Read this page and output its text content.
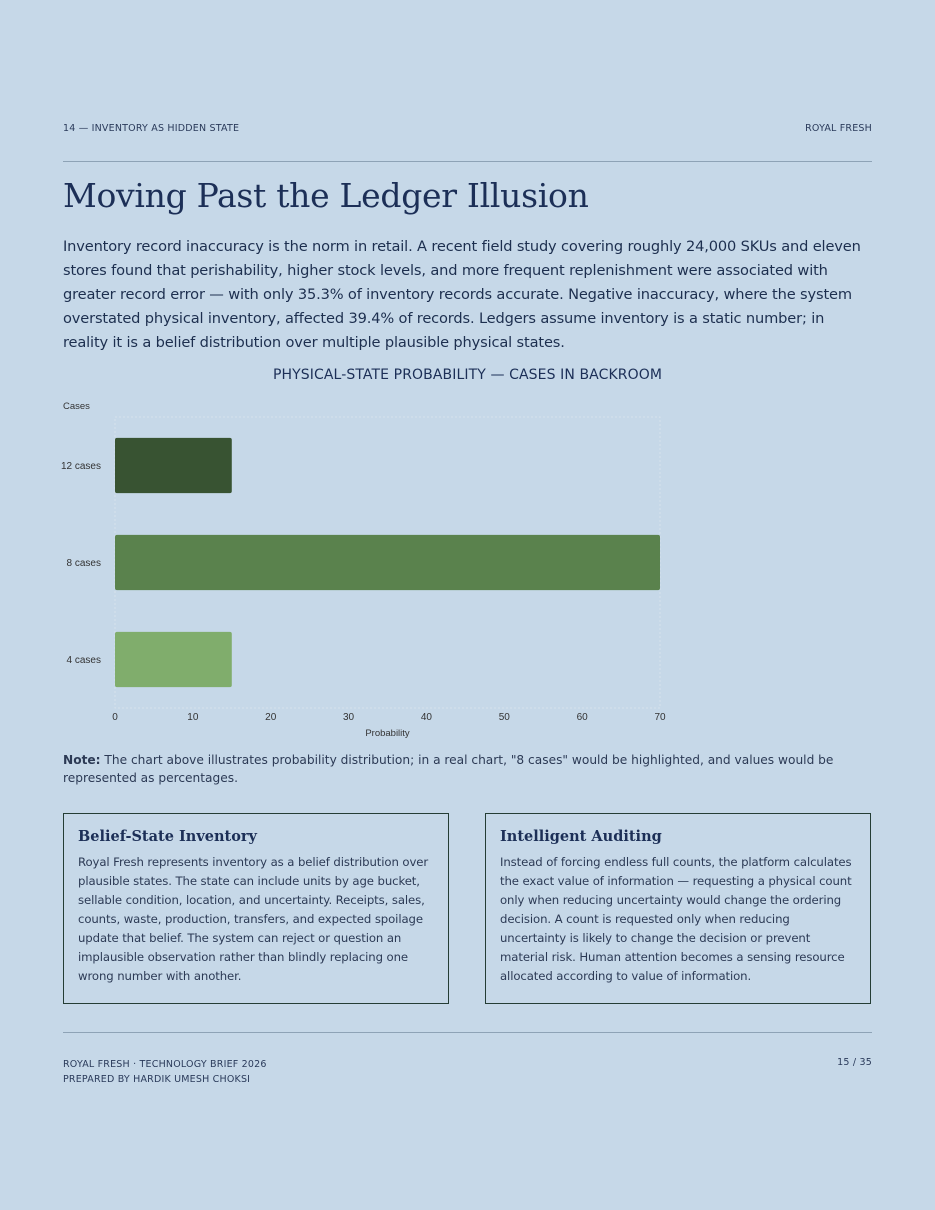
14 — INVENTORY AS HIDDEN STATE	ROYAL FRESH
Moving Past the Ledger Illusion

Inventory record inaccuracy is the norm in retail. A recent field study covering roughly 24,000 SKUs and eleven stores found that perishability, higher stock levels, and more frequent replenishment were associated with greater record error — with only 35.3% of inventory records accurate. Negative inaccuracy, where the system overstated physical inventory, affected 39.4% of records. Ledgers assume inventory is a static number; in reality it is a belief distribution over multiple plausible physical states.

PHYSICAL-STATE PROBABILITY — CASES IN BACKROOM
Cases
Probability
12 cases
8 cases
4 cases
0	10	20	30	40	50	60	70

Note: The chart above illustrates probability distribution; in a real chart, "8 cases" would be highlighted, and values would be represented as percentages.

Belief-State Inventory

Royal Fresh represents inventory as a belief distribution over plausible states. The state can include units by age bucket, sellable condition, location, and uncertainty. Receipts, sales, counts, waste, production, transfers, and expected spoilage update that belief. The system can reject or question an implausible observation rather than blindly replacing one wrong number with another.

Intelligent Auditing

Instead of forcing endless full counts, the platform calculates the exact value of information — requesting a physical count only when reducing uncertainty would change the ordering decision. A count is requested only when reducing uncertainty is likely to change the decision or prevent material risk. Human attention becomes a sensing resource allocated according to value of information.

ROYAL FRESH · TECHNOLOGY BRIEF 2026
PREPARED BY HARDIK UMESH CHOKSI
15 / 35
